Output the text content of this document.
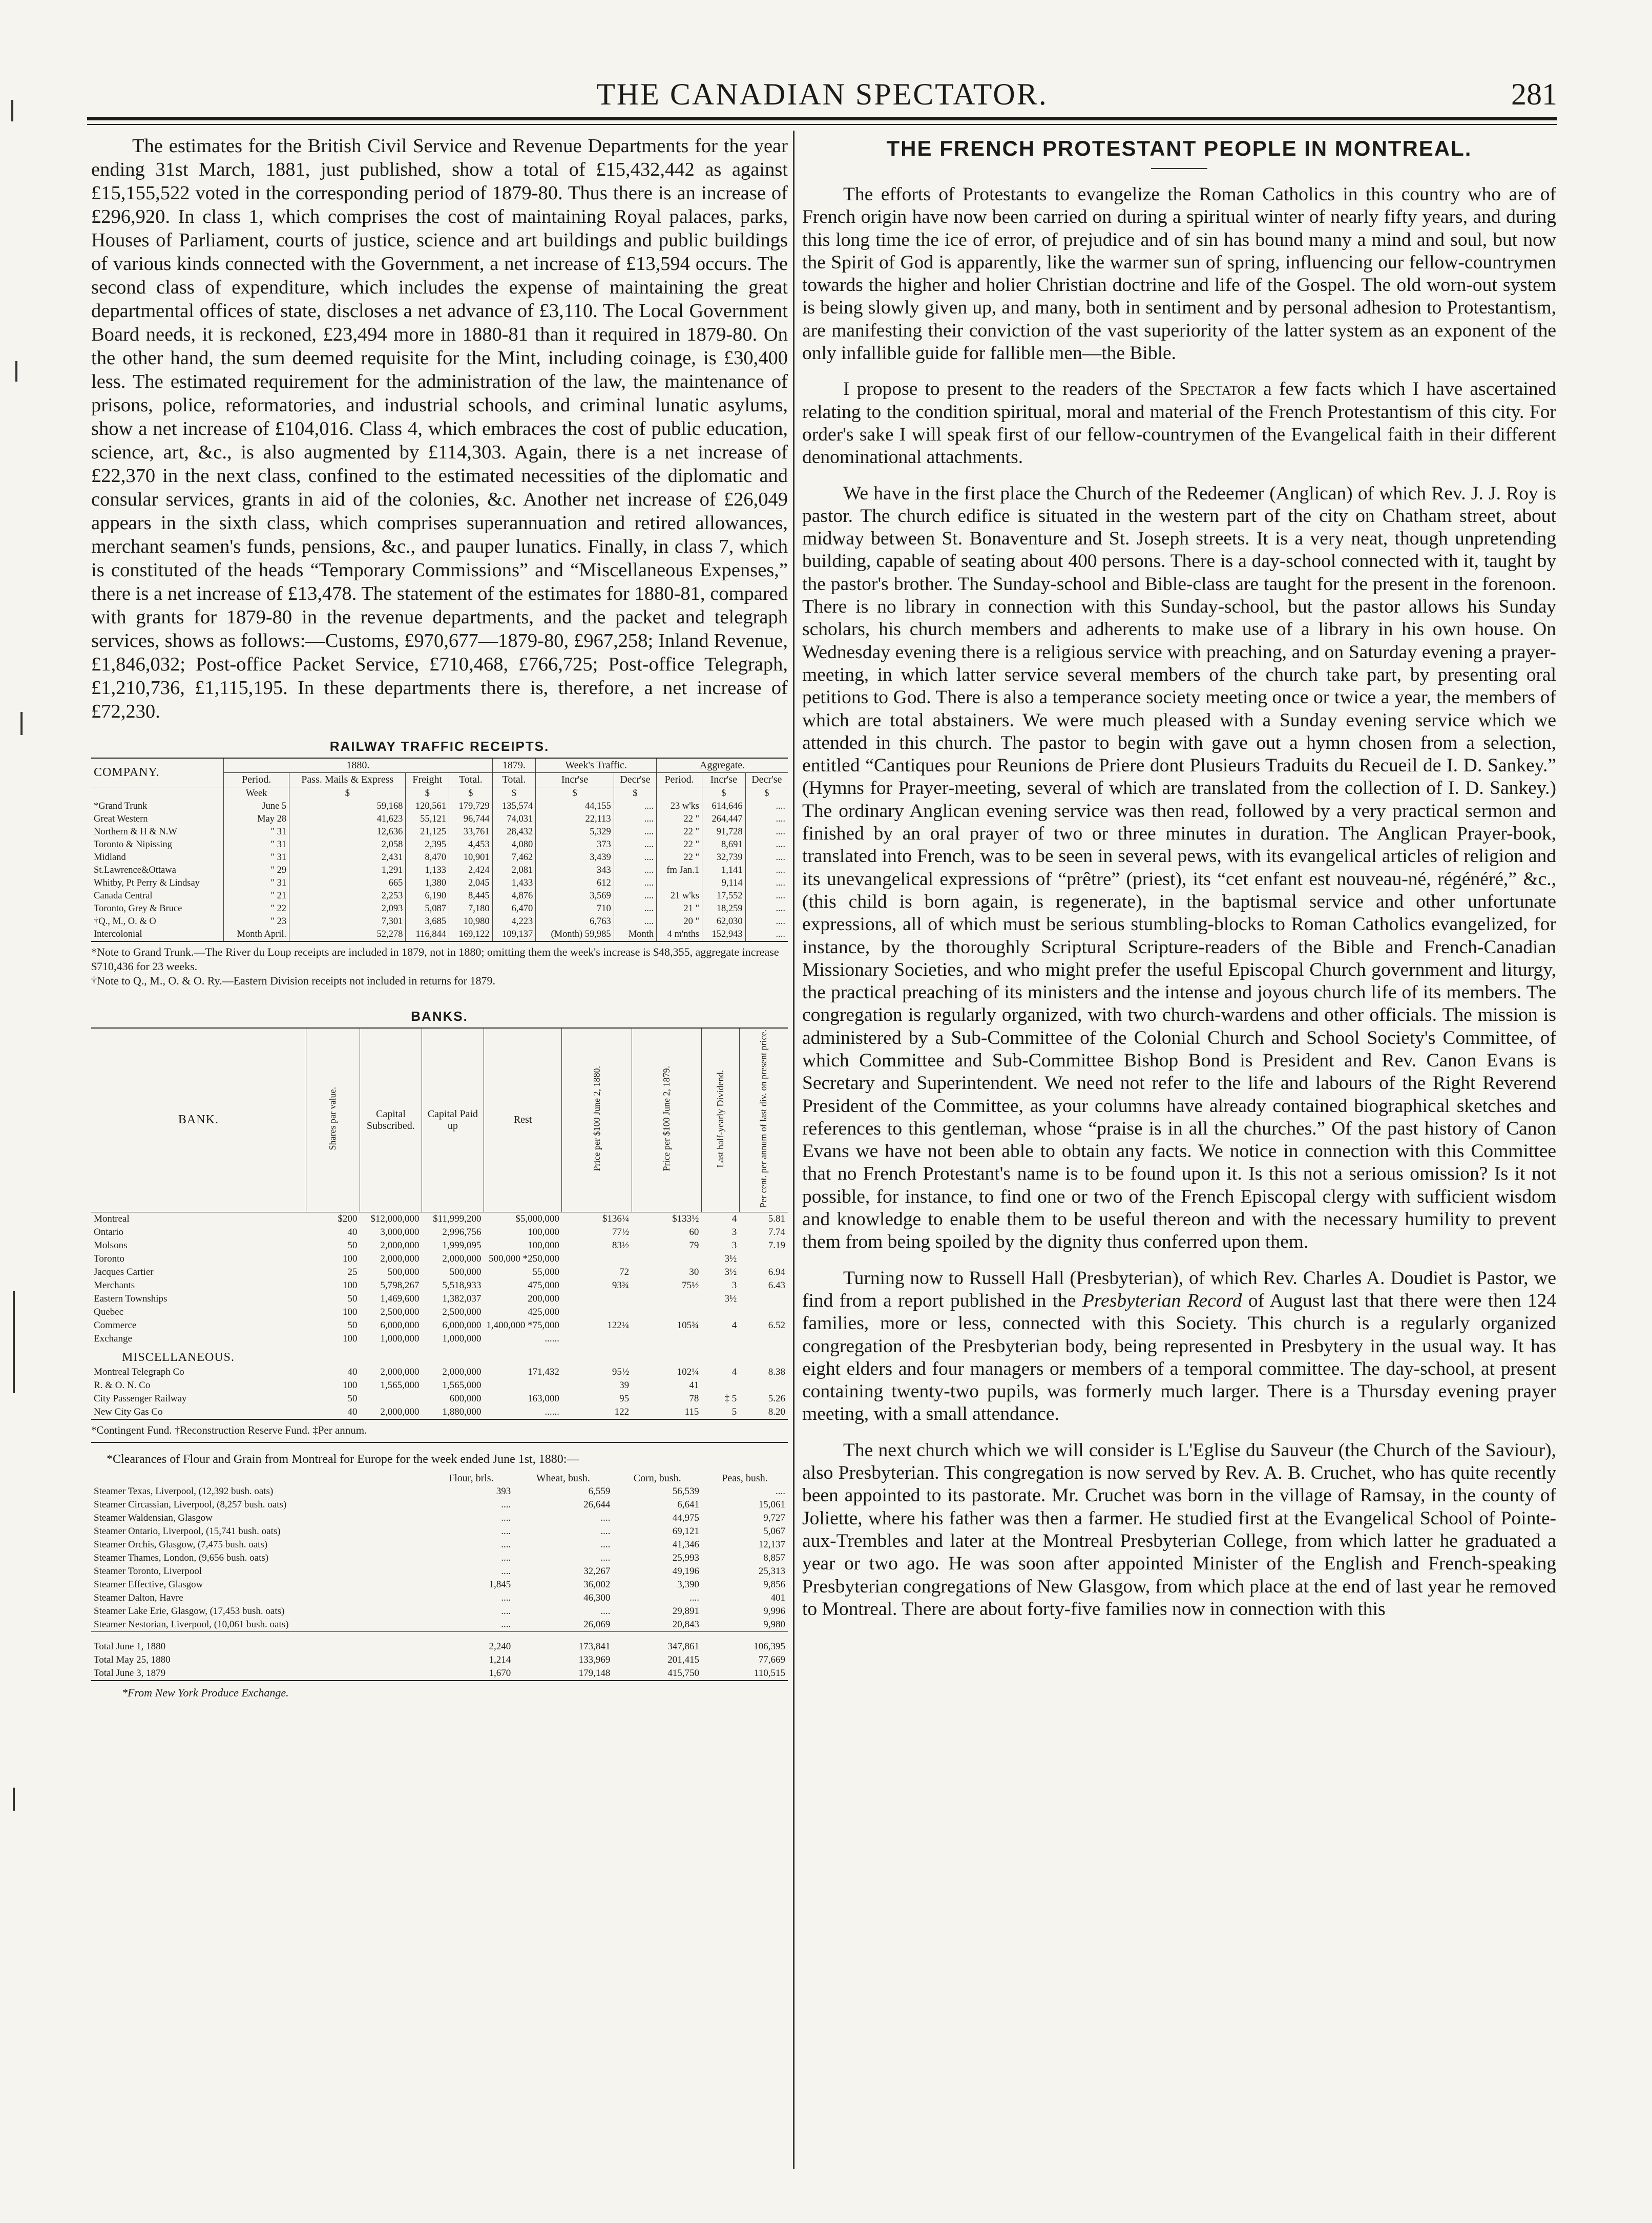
THE CANADIAN SPECTATOR.	281

The estimates for the British Civil Service and Revenue Departments for the year ending 31st March, 1881, just published, show a total of £15,432,442 as against £15,155,522 voted in the corresponding period of 1879-80. Thus there is an increase of £296,920. In class 1, which comprises the cost of maintaining Royal palaces, parks, Houses of Parliament, courts of justice, science and art buildings and public buildings of various kinds connected with the Government, a net increase of £13,594 occurs. The second class of expenditure, which includes the expense of maintaining the great departmental offices of state, discloses a net advance of £3,110. The Local Government Board needs, it is reckoned, £23,494 more in 1880-81 than it required in 1879-80. On the other hand, the sum deemed requisite for the Mint, including coinage, is £30,400 less. The estimated requirement for the administration of the law, the maintenance of prisons, police, reformatories, and industrial schools, and criminal lunatic asylums, show a net increase of £104,016. Class 4, which embraces the cost of public education, science, art, &c., is also augmented by £114,303. Again, there is a net increase of £22,370 in the next class, confined to the estimated necessities of the diplomatic and consular services, grants in aid of the colonies, &c. Another net increase of £26,049 appears in the sixth class, which comprises superannuation and retired allowances, merchant seamen's funds, pensions, &c., and pauper lunatics. Finally, in class 7, which is constituted of the heads “Temporary Commissions” and “Miscellaneous Expenses,” there is a net increase of £13,478. The statement of the estimates for 1880-81, compared with grants for 1879-80 in the revenue departments, and the packet and telegraph services, shows as follows:—Customs, £970,677—1879-80, £967,258; Inland Revenue, £1,846,032; Post-office Packet Service, £710,468, £766,725; Post-office Telegraph, £1,210,736, £1,115,195. In these departments there is, therefore, a net increase of £72,230.

RAILWAY TRAFFIC RECEIPTS.
COMPANY.	1880.				1879.	Week's Traffic.		Aggregate.		
	Period.	Pass. Mails & Express	Freight	Total.	Total.	Incr'se	Decr'se	Period.	Incr'se	Decr'se
	Week	$	$	$	$	$	$		$	$
*Grand Trunk	June 5	59,168	120,561	179,729	135,574	44,155	....	23 w'ks	614,646	....
Great Western	May 28	41,623	55,121	96,744	74,031	22,113	....	22 "	264,447	....
Northern & H & N.W	" 31	12,636	21,125	33,761	28,432	5,329	....	22 "	91,728	....
Toronto & Nipissing	" 31	2,058	2,395	4,453	4,080	373	....	22 "	8,691	....
Midland	" 31	2,431	8,470	10,901	7,462	3,439	....	22 "	32,739	....
St.Lawrence&Ottawa	" 29	1,291	1,133	2,424	2,081	343	....	fm Jan.1	1,141	....
Whitby, Pt Perry & Lindsay	" 31	665	1,380	2,045	1,433	612	....		9,114	....
Canada Central	" 21	2,253	6,190	8,445	4,876	3,569	....	21 w'ks	17,552	....
Toronto, Grey & Bruce	" 22	2,093	5,087	7,180	6,470	710	....	21 "	18,259	....
†Q., M., O. & O	" 23	7,301	3,685	10,980	4,223	6,763	....	20 "	62,030	....
Intercolonial	Month April.	52,278	116,844	169,122	109,137	(Month) 59,985	Month	4 m'nths	152,943	....

*Note to Grand Trunk.—The River du Loup receipts are included in 1879, not in 1880; omitting them the week's increase is $48,355, aggregate increase $710,436 for 23 weeks.

†Note to Q., M., O. & O. Ry.—Eastern Division receipts not included in returns for 1879.

BANKS.
BANK.	Shares par value.	Capital Subscribed.	Capital Paid up	Rest	Price per $100 June 2, 1880.	Price per $100 June 2, 1879.	Last half-yearly Dividend.	Per cent. per annum of last div. on present price.
Montreal	$200	$12,000,000	$11,999,200	$5,000,000	$136¼	$133½	4	5.81
Ontario	40	3,000,000	2,996,756	100,000	77½	60	3	7.74
Molsons	50	2,000,000	1,999,095	100,000	83½	79	3	7.19
Toronto	100	2,000,000	2,000,000	500,000 *250,000			3½	
Jacques Cartier	25	500,000	500,000	55,000	72	30	3½	6.94
Merchants	100	5,798,267	5,518,933	475,000	93¾	75½	3	6.43
Eastern Townships	50	1,469,600	1,382,037	200,000			3½	
Quebec	100	2,500,000	2,500,000	425,000				
Commerce	50	6,000,000	6,000,000	1,400,000 *75,000	122¼	105¾	4	6.52
Exchange	100	1,000,000	1,000,000	......				
MISCELLANEOUS.								
Montreal Telegraph Co	40	2,000,000	2,000,000	171,432	95½	102¼	4	8.38
R. & O. N. Co	100	1,565,000	1,565,000		39	41		
City Passenger Railway	50		600,000	163,000	95	78	‡ 5	5.26
New City Gas Co	40	2,000,000	1,880,000	......	122	115	5	8.20
*Contingent Fund. †Reconstruction Reserve Fund. ‡Per annum.
*Clearances of Flour and Grain from Montreal for Europe for the week ended June 1st, 1880:—
	Flour, brls.	Wheat, bush.	Corn, bush.	Peas, bush.
Steamer Texas, Liverpool, (12,392 bush. oats)	393	6,559	56,539	....
Steamer Circassian, Liverpool, (8,257 bush. oats)	....	26,644	6,641	15,061
Steamer Waldensian, Glasgow	....	....	44,975	9,727
Steamer Ontario, Liverpool, (15,741 bush. oats)	....	....	69,121	5,067
Steamer Orchis, Glasgow, (7,475 bush. oats)	....	....	41,346	12,137
Steamer Thames, London, (9,656 bush. oats)	....	....	25,993	8,857
Steamer Toronto, Liverpool	....	32,267	49,196	25,313
Steamer Effective, Glasgow	1,845	36,002	3,390	9,856
Steamer Dalton, Havre	....	46,300	....	401
Steamer Lake Erie, Glasgow, (17,453 bush. oats)	....	....	29,891	9,996
Steamer Nestorian, Liverpool, (10,061 bush. oats)	....	26,069	20,843	9,980
Total June 1, 1880	2,240	173,841	347,861	106,395
Total May 25, 1880	1,214	133,969	201,415	77,669
Total June 3, 1879	1,670	179,148	415,750	110,515
*From New York Produce Exchange.
THE FRENCH PROTESTANT PEOPLE IN MONTREAL.

The efforts of Protestants to evangelize the Roman Catholics in this country who are of French origin have now been carried on during a spiritual winter of nearly fifty years, and during this long time the ice of error, of prejudice and of sin has bound many a mind and soul, but now the Spirit of God is apparently, like the warmer sun of spring, influencing our fellow-countrymen towards the higher and holier Christian doctrine and life of the Gospel. The old worn-out system is being slowly given up, and many, both in sentiment and by personal adhesion to Protestantism, are manifesting their conviction of the vast superiority of the latter system as an exponent of the only infallible guide for fallible men—the Bible.

I propose to present to the readers of the Spectator a few facts which I have ascertained relating to the condition spiritual, moral and material of the French Protestantism of this city. For order's sake I will speak first of our fellow-countrymen of the Evangelical faith in their different denominational attachments.

We have in the first place the Church of the Redeemer (Anglican) of which Rev. J. J. Roy is pastor. The church edifice is situated in the western part of the city on Chatham street, about midway between St. Bonaventure and St. Joseph streets. It is a very neat, though unpretending building, capable of seating about 400 persons. There is a day-school connected with it, taught by the pastor's brother. The Sunday-school and Bible-class are taught for the present in the forenoon. There is no library in connection with this Sunday-school, but the pastor allows his Sunday scholars, his church members and adherents to make use of a library in his own house. On Wednesday evening there is a religious service with preaching, and on Saturday evening a prayer-meeting, in which latter service several members of the church take part, by presenting oral petitions to God. There is also a temperance society meeting once or twice a year, the members of which are total abstainers. We were much pleased with a Sunday evening service which we attended in this church. The pastor to begin with gave out a hymn chosen from a selection, entitled “Cantiques pour Reunions de Priere dont Plusieurs Traduits du Recueil de I. D. Sankey.” (Hymns for Prayer-meeting, several of which are translated from the collection of I. D. Sankey.) The ordinary Anglican evening service was then read, followed by a very practical sermon and finished by an oral prayer of two or three minutes in duration. The Anglican Prayer-book, translated into French, was to be seen in several pews, with its evangelical articles of religion and its unevangelical expressions of “prêtre” (priest), its “cet enfant est nouveau-né, régénéré,” &c., (this child is born again, is regenerate), in the baptismal service and other unfortunate expressions, all of which must be serious stumbling-blocks to Roman Catholics evangelized, for instance, by the thoroughly Scriptural Scripture-readers of the Bible and French-Canadian Missionary Societies, and who might prefer the useful Episcopal Church government and liturgy, the practical preaching of its ministers and the intense and joyous church life of its members. The congregation is regularly organized, with two church-wardens and other officials. The mission is administered by a Sub-Committee of the Colonial Church and School Society's Committee, of which Committee and Sub-Committee Bishop Bond is President and Rev. Canon Evans is Secretary and Superintendent. We need not refer to the life and labours of the Right Reverend President of the Committee, as your columns have already contained biographical sketches and references to this gentleman, whose “praise is in all the churches.” Of the past history of Canon Evans we have not been able to obtain any facts. We notice in connection with this Committee that no French Protestant's name is to be found upon it. Is this not a serious omission? Is it not possible, for instance, to find one or two of the French Episcopal clergy with sufficient wisdom and knowledge to enable them to be useful thereon and with the necessary humility to prevent them from being spoiled by the dignity thus conferred upon them.

Turning now to Russell Hall (Presbyterian), of which Rev. Charles A. Doudiet is Pastor, we find from a report published in the Presbyterian Record of August last that there were then 124 families, more or less, connected with this Society. This church is a regularly organized congregation of the Presbyterian body, being represented in Presbytery in the usual way. It has eight elders and four managers or members of a temporal committee. The day-school, at present containing twenty-two pupils, was formerly much larger. There is a Thursday evening prayer meeting, with a small attendance.

The next church which we will consider is L'Eglise du Sauveur (the Church of the Saviour), also Presbyterian. This congregation is now served by Rev. A. B. Cruchet, who has quite recently been appointed to its pastorate. Mr. Cruchet was born in the village of Ramsay, in the county of Joliette, where his father was then a farmer. He studied first at the Evangelical School of Pointe-aux-Trembles and later at the Montreal Presbyterian College, from which latter he graduated a year or two ago. He was soon after appointed Minister of the English and French-speaking Presbyterian congregations of New Glasgow, from which place at the end of last year he removed to Montreal. There are about forty-five families now in connection with this
